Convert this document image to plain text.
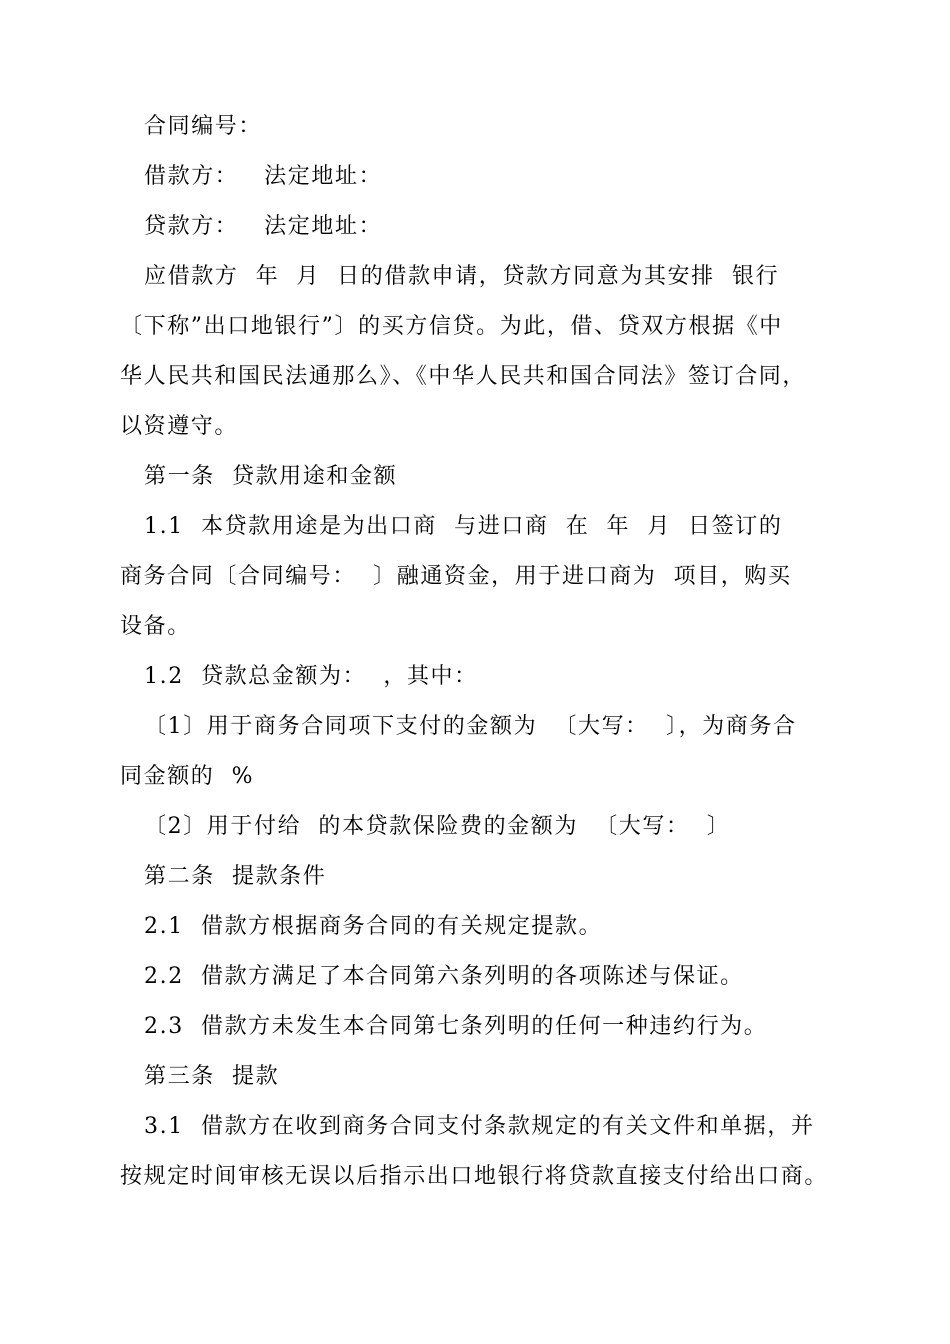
合同编号：
借款方：   法定地址：
贷款方：   法定地址：
应借款方  年  月  日的借款申请，贷款方同意为其安排  银行
〔下称”出口地银行”〕的买方信贷。为此，借、贷双方根据《中
华人民共和国民法通那么》、《中华人民共和国合同法》签订合同，
以资遵守。
第一条  贷款用途和金额
1.1  本贷款用途是为出口商  与进口商  在  年  月  日签订的
商务合同〔合同编号：  〕融通资金，用于进口商为  项目，购买
设备。
1.2  贷款总金额为：  ，其中：
〔1〕用于商务合同项下支付的金额为  〔大写：  〕，为商务合
同金额的  %
〔2〕用于付给  的本贷款保险费的金额为  〔大写：  〕
第二条  提款条件
2.1  借款方根据商务合同的有关规定提款。
2.2  借款方满足了本合同第六条列明的各项陈述与保证。
2.3  借款方未发生本合同第七条列明的任何一种违约行为。
第三条  提款
3.1  借款方在收到商务合同支付条款规定的有关文件和单据，并
按规定时间审核无误以后指示出口地银行将贷款直接支付给出口商。
